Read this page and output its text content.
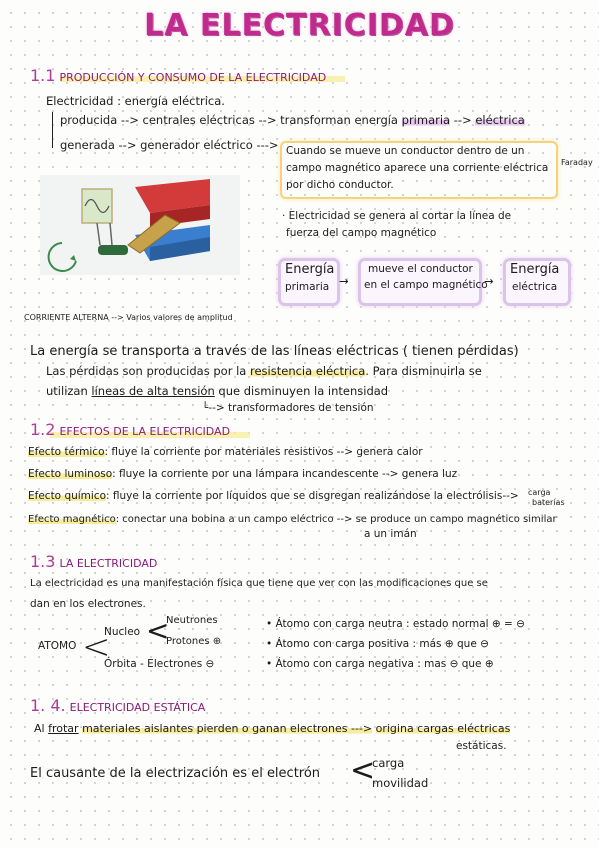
LA ELECTRICIDAD
1.1 PRODUCCIÓN Y CONSUMO DE LA ELECTRICIDAD
Electricidad : energía eléctrica.
producida --> centrales eléctricas --> transforman energía primaria --> eléctrica
generada --> generador eléctrico ---> Cuando se mueve un conductor dentro de un
campo magnético aparece una corriente eléctrica
por dicho conductor.
Faraday
· Electricidad se genera al cortar la línea de
fuerza del campo magnético
Energía
primaria →
mueve el conductor
en el campo magnético
→
Energía
eléctrica
CORRIENTE ALTERNA --> Varios valores de amplitud
La energía se transporta a través de las líneas eléctricas ( tienen pérdidas)
Las pérdidas son producidas por la resistencia eléctrica. Para disminuirla se
utilizan líneas de alta tensión que disminuyen la intensidad
└--> transformadores de tensión
1.2 EFECTOS DE LA ELECTRICIDAD
Efecto térmico: fluye la corriente por materiales resistivos --> genera calor
Efecto luminoso: fluye la corriente por una lámpara incandescente --> genera luz
Efecto químico: fluye la corriente por líquidos que se disgregan realizándose la electrólisis--> carga
baterías
Efecto magnético: conectar una bobina a un campo eléctrico --> se produce un campo magnético similar
a un imán
1.3 LA ELECTRICIDAD
La electricidad es una manifestación física que tiene que ver con las modificaciones que se
dan en los electrones.
ATOMO <
Nucleo <
Neutrones
Protones ⊕
Órbita - Electrones ⊖
• Átomo con carga neutra : estado normal ⊕ = ⊖
• Átomo con carga positiva : más ⊕ que ⊖
• Átomo con carga negativa : mas ⊖ que ⊕
1. 4. ELECTRICIDAD ESTÁTICA
Al frotar materiales aislantes pierden o ganan electrones ---> origina cargas eléctricas
estáticas.
El causante de la electrización es el electrón <
carga
movilidad
